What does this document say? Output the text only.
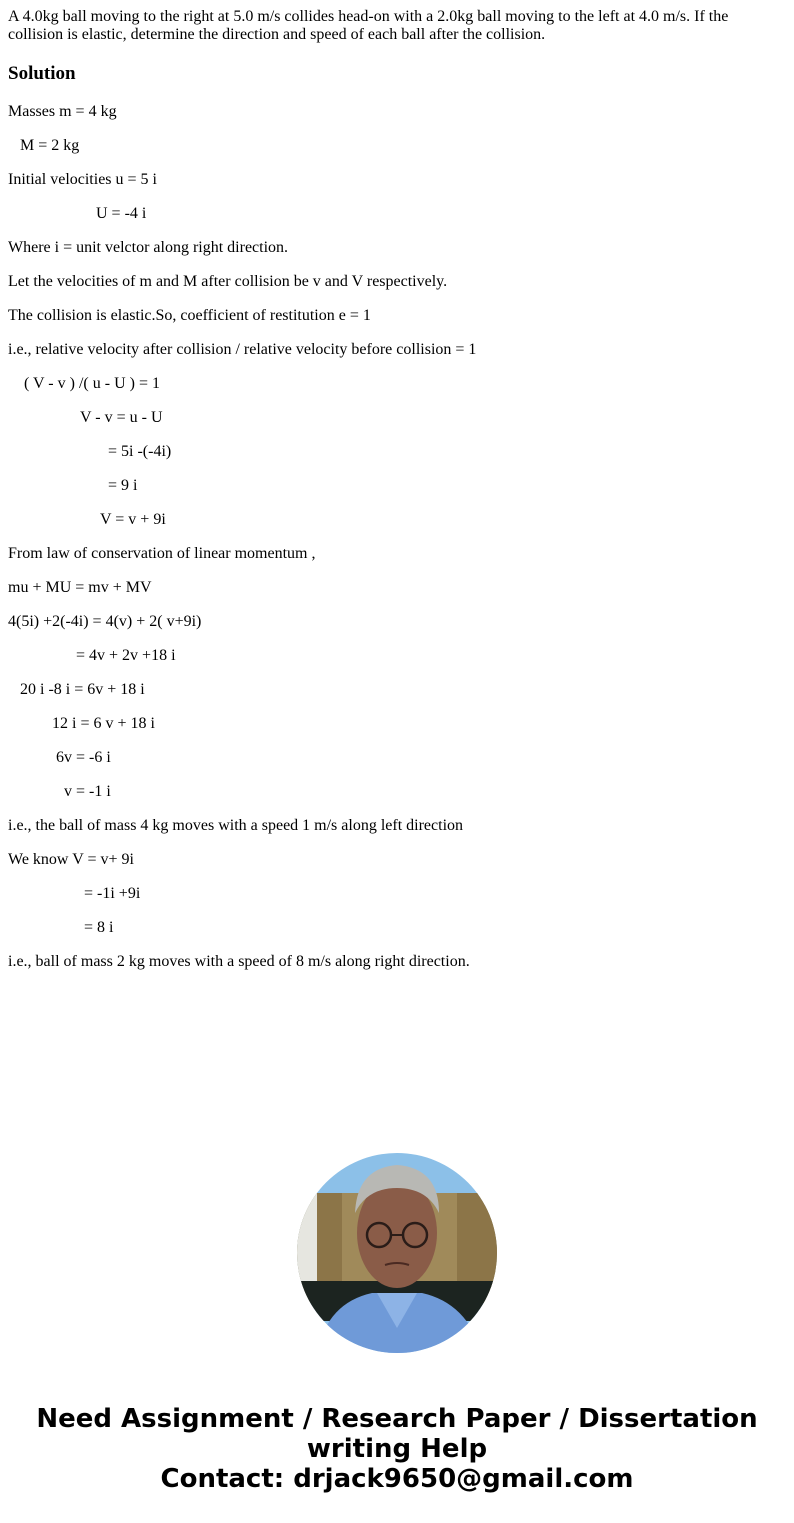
A 4.0kg ball moving to the right at 5.0 m/s collides head-on with a 2.0kg ball moving to the left at 4.0 m/s. If the collision is elastic, determine the direction and speed of each ball after the collision.

Solution

Masses m = 4 kg

M = 2 kg

Initial velocities u = 5 i

U = -4 i

Where i = unit velctor along right direction.

Let the velocities of m and M after collision be v and V respectively.

The collision is elastic.So, coefficient of restitution e = 1

i.e., relative velocity after collision / relative velocity before collision = 1

( V - v ) /( u - U ) = 1

V - v = u - U

= 5i -(-4i)

= 9 i

V = v + 9i

From law of conservation of linear momentum ,

mu + MU = mv + MV

4(5i) +2(-4i) = 4(v) + 2( v+9i)

= 4v + 2v +18 i

20 i -8 i = 6v + 18 i

12 i = 6 v + 18 i

6v = -6 i

v = -1 i

i.e., the ball of mass 4 kg moves with a speed 1 m/s along left direction

We know V = v+ 9i

= -1i +9i

= 8 i

i.e., ball of mass 2 kg moves with a speed of 8 m/s along right direction.

Need Assignment / Research Paper / Dissertation
writing Help
Contact: drjack9650@gmail.com
